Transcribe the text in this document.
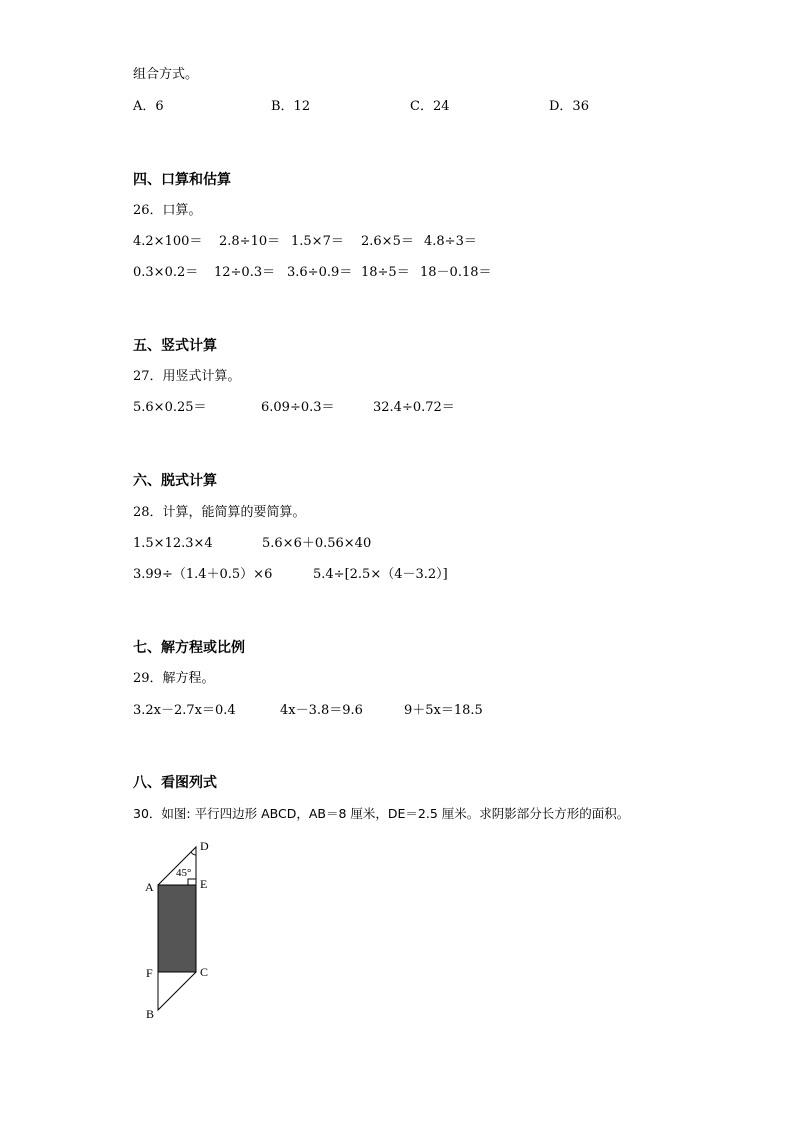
组合方式。
A．6	B．12	C．24	D．36
四、口算和估算
26．口算。
4.2×100＝ 2.8÷10＝ 1.5×7＝ 2.6×5＝ 4.8÷3＝
0.3×0.2＝ 12÷0.3＝ 3.6÷0.9＝ 18÷5＝ 18－0.18＝
五、竖式计算
27．用竖式计算。
5.6×0.25＝	6.09÷0.3＝	32.4÷0.72＝
六、脱式计算
28．计算，能简算的要简算。
1.5×12.3×4	5.6×6＋0.56×40
3.99÷（1.4＋0.5）×6	5.4÷[2.5×（4－3.2）]
七、解方程或比例
29．解方程。
3.2x－2.7x＝0.4	4x－3.8＝9.6	9＋5x＝18.5
八、看图列式
30．如图: 平行四边形 ABCD，AB＝8 厘米，DE＝2.5 厘米。求阴影部分长方形的面积。
D
45°
E
A
F	C
B
